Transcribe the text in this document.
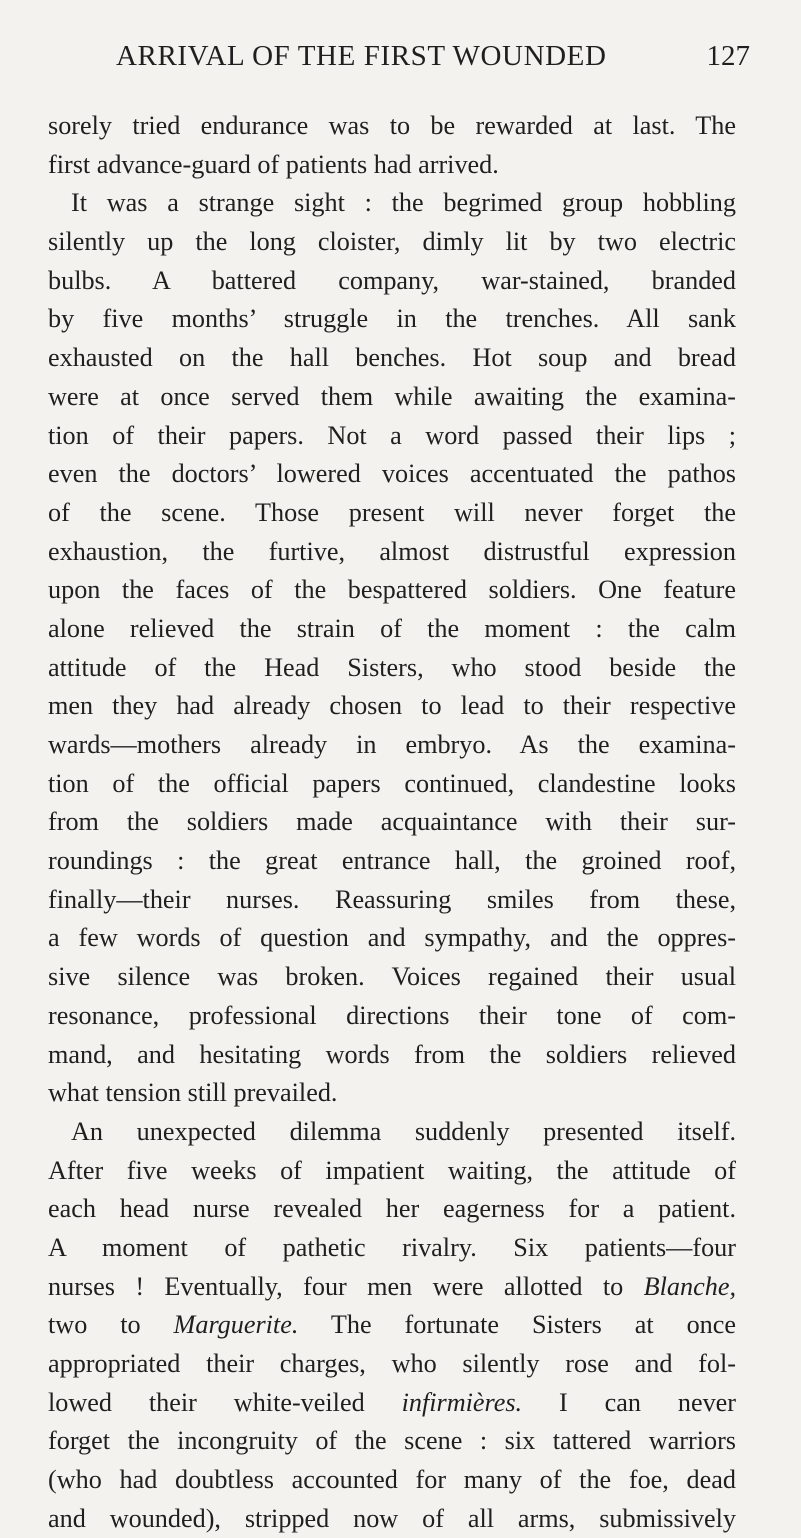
ARRIVAL OF THE FIRST WOUNDED	127
sorely tried endurance was to be rewarded at last. The
first advance-guard of patients had arrived.
It was a strange sight : the begrimed group hobbling
silently up the long cloister, dimly lit by two electric
bulbs. A battered company, war-stained, branded
by five months’ struggle in the trenches. All sank
exhausted on the hall benches. Hot soup and bread
were at once served them while awaiting the examina-
tion of their papers. Not a word passed their lips ;
even the doctors’ lowered voices accentuated the pathos
of the scene. Those present will never forget the
exhaustion, the furtive, almost distrustful expression
upon the faces of the bespattered soldiers. One feature
alone relieved the strain of the moment : the calm
attitude of the Head Sisters, who stood beside the
men they had already chosen to lead to their respective
wards—mothers already in embryo. As the examina-
tion of the official papers continued, clandestine looks
from the soldiers made acquaintance with their sur-
roundings : the great entrance hall, the groined roof,
finally—their nurses. Reassuring smiles from these,
a few words of question and sympathy, and the oppres-
sive silence was broken. Voices regained their usual
resonance, professional directions their tone of com-
mand, and hesitating words from the soldiers relieved
what tension still prevailed.
An unexpected dilemma suddenly presented itself.
After five weeks of impatient waiting, the attitude of
each head nurse revealed her eagerness for a patient.
A moment of pathetic rivalry. Six patients—four
nurses ! Eventually, four men were allotted to Blanche,
two to Marguerite. The fortunate Sisters at once
appropriated their charges, who silently rose and fol-
lowed their white-veiled infirmières. I can never
forget the incongruity of the scene : six tattered warriors
(who had doubtless accounted for many of the foe, dead
and wounded), stripped now of all arms, submissively
